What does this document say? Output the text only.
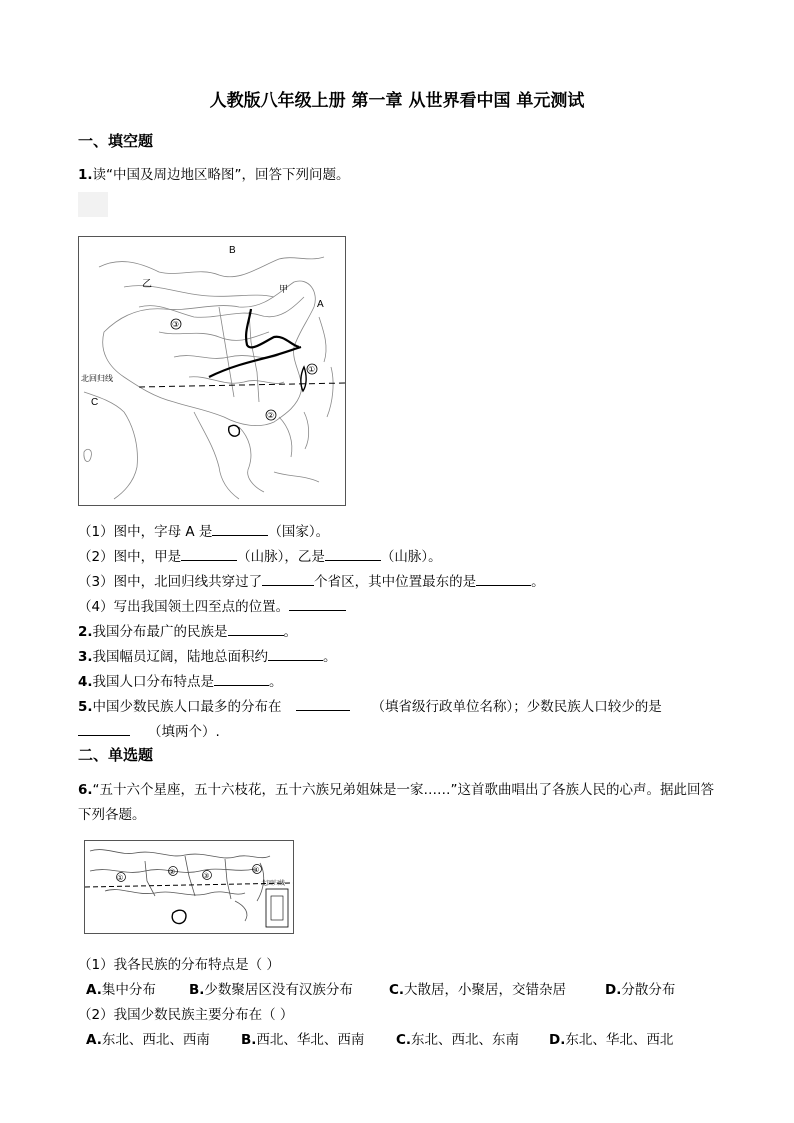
人教版八年级上册 第一章 从世界看中国 单元测试
一、填空题
1.读“中国及周边地区略图”，回答下列问题。
B
A
C
乙	甲
③
①
②
北回归线
（1）图中，字母 A 是	（国家）。
（2）图中，甲是	（山脉），乙是	（山脉）。
（3）图中，北回归线共穿过了	个省区，其中位置最东的是	。
（4）写出我国领土四至点的位置。
2.我国分布最广的民族是	。
3.我国幅员辽阔，陆地总面积约	。
4.我国人口分布特点是	。
5.中国少数民族人口最多的分布在	（填省级行政单位名称）；少数民族人口较少的是
（填两个）.
二、单选题
6.“五十六个星座，五十六枝花，五十六族兄弟姐妹是一家……”这首歌曲唱出了各族人民的心声。据此回答
下列各题。
①
②	③
④
北回归线
（1）我各民族的分布特点是（ ）
A.集中分布 B.少数聚居区没有汉族分布	C.大散居，小聚居，交错杂居	D.分散分布
（2）我国少数民族主要分布在（ ）
A.东北、西北、西南 B.西北、华北、西南 C.东北、西北、东南 D.东北、华北、西北
